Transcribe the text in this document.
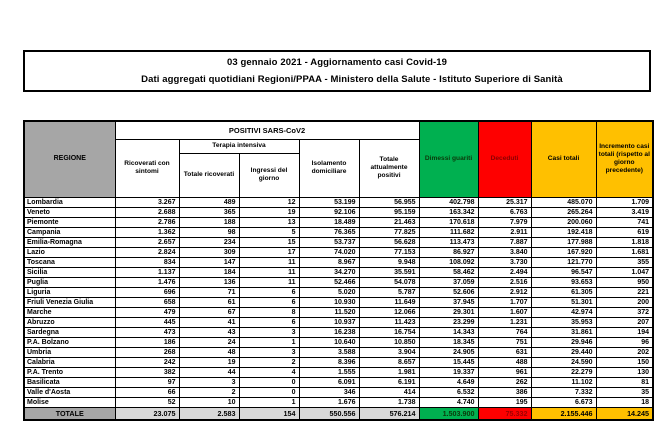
03 gennaio 2021 - Aggiornamento casi Covid-19
Dati aggregati quotidiani Regioni/PPAA - Ministero della Salute - Istituto Superiore di Sanità
REGIONE	POSITIVI SARS-CoV2					Dimessi guariti	Deceduti	Casi totali	Incremento casi totali (rispetto al giorno precedente)
	Ricoverati con sintomi	Terapia intensiva		Isolamento domiciliare	Totale attualmente positivi				
		Totale ricoverati	Ingressi del giorno						
Lombardia	3.267	489	12	53.199	56.955	402.798	25.317	485.070	1.709
Veneto	2.688	365	19	92.106	95.159	163.342	6.763	265.264	3.419
Piemonte	2.786	188	13	18.489	21.463	170.618	7.979	200.060	741
Campania	1.362	98	5	76.365	77.825	111.682	2.911	192.418	619
Emilia-Romagna	2.657	234	15	53.737	56.628	113.473	7.887	177.988	1.818
Lazio	2.824	309	17	74.020	77.153	86.927	3.840	167.920	1.681
Toscana	834	147	11	8.967	9.948	108.092	3.730	121.770	355
Sicilia	1.137	184	11	34.270	35.591	58.462	2.494	96.547	1.047
Puglia	1.476	136	11	52.466	54.078	37.059	2.516	93.653	950
Liguria	696	71	6	5.020	5.787	52.606	2.912	61.305	221
Friuli Venezia Giulia	658	61	6	10.930	11.649	37.945	1.707	51.301	200
Marche	479	67	8	11.520	12.066	29.301	1.607	42.974	372
Abruzzo	445	41	6	10.937	11.423	23.299	1.231	35.953	207
Sardegna	473	43	3	16.238	16.754	14.343	764	31.861	194
P.A. Bolzano	186	24	1	10.640	10.850	18.345	751	29.946	96
Umbria	268	48	3	3.588	3.904	24.905	631	29.440	202
Calabria	242	19	2	8.396	8.657	15.445	488	24.590	150
P.A. Trento	382	44	4	1.555	1.981	19.337	961	22.279	130
Basilicata	97	3	0	6.091	6.191	4.649	262	11.102	81
Valle d'Aosta	66	2	0	346	414	6.532	386	7.332	35
Molise	52	10	1	1.676	1.738	4.740	195	6.673	18
TOTALE	23.075	2.583	154	550.556	576.214	1.503.900	75.332	2.155.446	14.245
